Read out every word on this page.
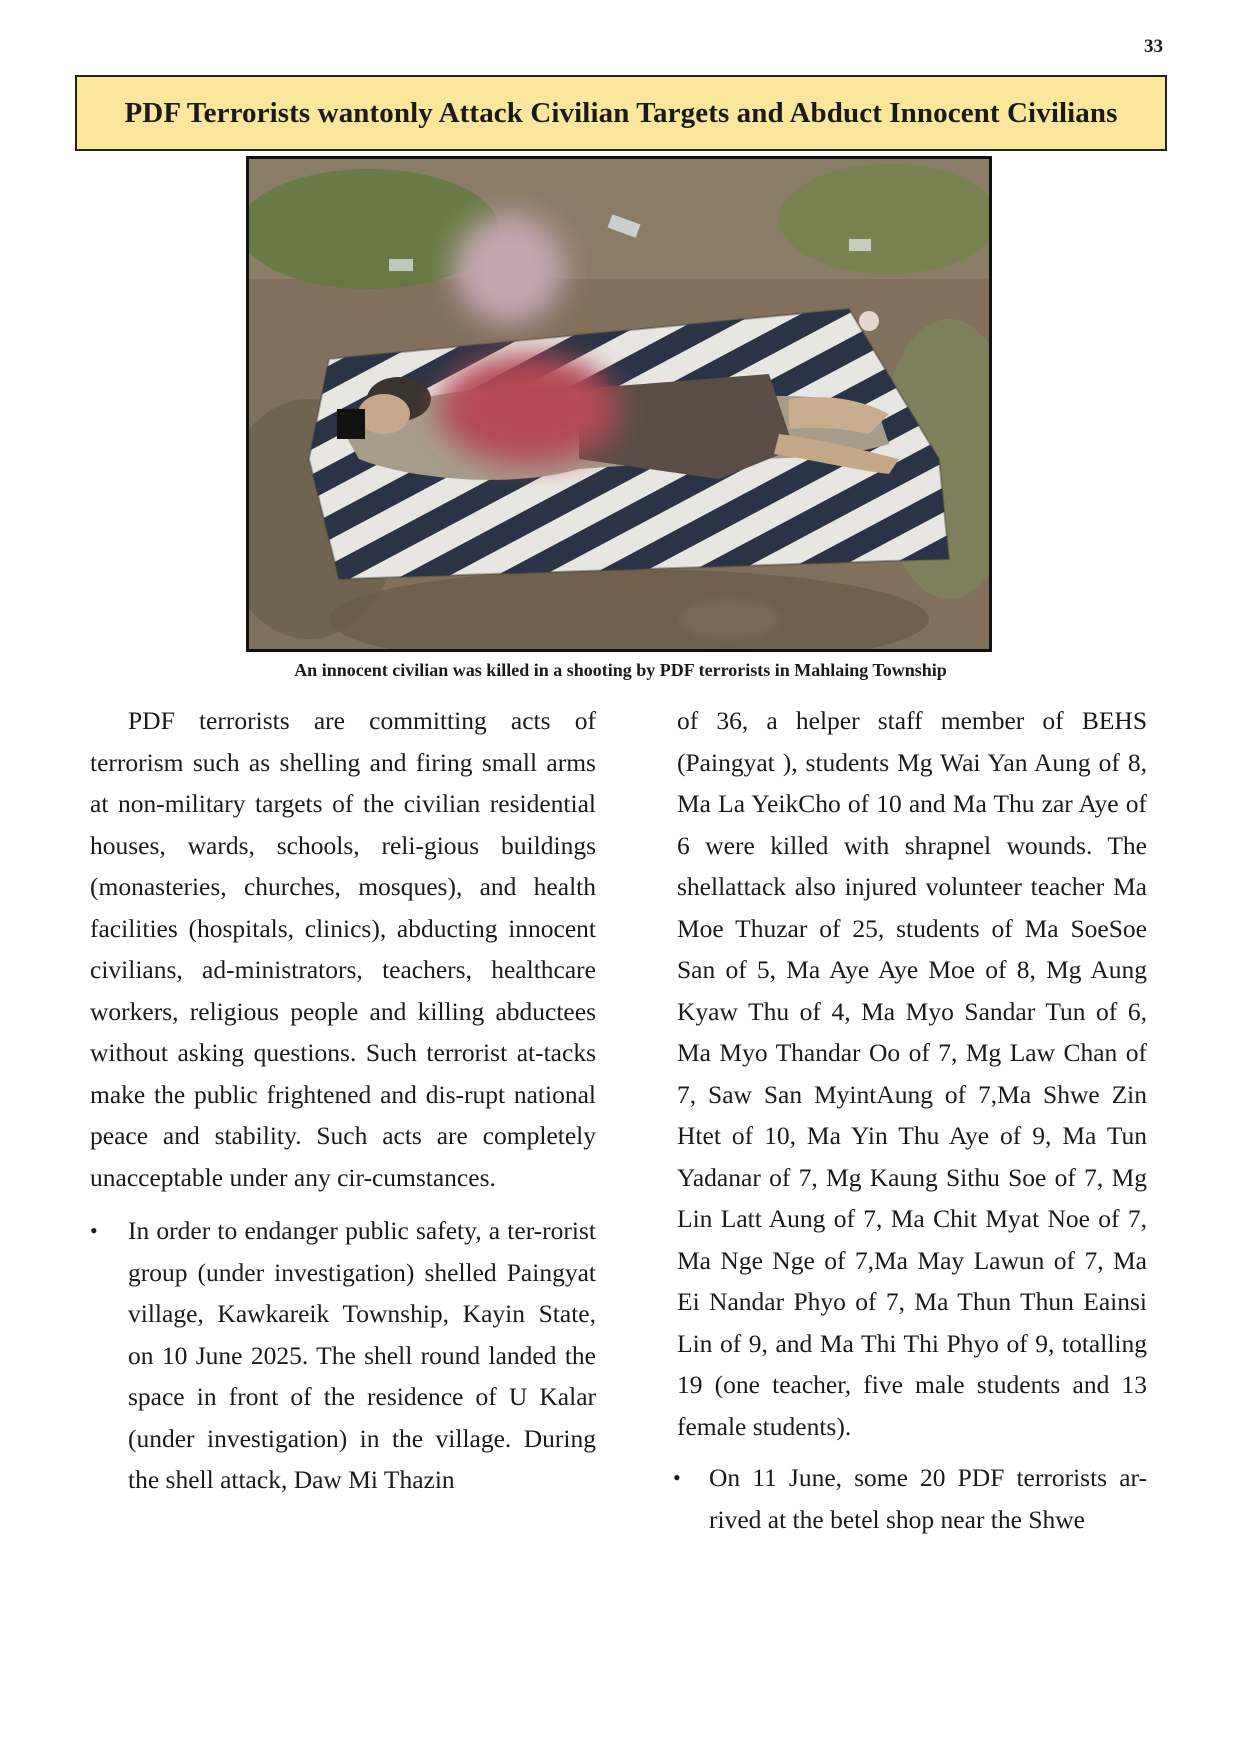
33
PDF Terrorists wantonly Attack Civilian Targets and Abduct Innocent Civilians
An innocent civilian was killed in a shooting by PDF terrorists in Mahlaing Township

PDF terrorists are committing acts of terrorism such as shelling and firing small arms at non-military targets of the civilian residential houses, wards, schools, reli-gious buildings (monasteries, churches, mosques), and health facilities (hospitals, clinics), abducting innocent civilians, ad-ministrators, teachers, healthcare workers, religious people and killing abductees without asking questions. Such terrorist at-tacks make the public frightened and dis-rupt national peace and stability. Such acts are completely unacceptable under any cir-cumstances.

• In order to endanger public safety, a ter-rorist group (under investigation) shelled Paingyat village, Kawkareik Township, Kayin State, on 10 June 2025. The shell round landed the space in front of the residence of U Kalar (under investigation) in the village. During the shell attack, Daw Mi Thazin

of 36, a helper staff member of BEHS (Paingyat ), students Mg Wai Yan Aung of 8, Ma La YeikCho of 10 and Ma Thu zar Aye of 6 were killed with shrapnel wounds. The shellattack also injured volunteer teacher Ma Moe Thuzar of 25, students of Ma SoeSoe San of 5, Ma Aye Aye Moe of 8, Mg Aung Kyaw Thu of 4, Ma Myo Sandar Tun of 6, Ma Myo Thandar Oo of 7, Mg Law Chan of 7, Saw San MyintAung of 7,Ma Shwe Zin Htet of 10, Ma Yin Thu Aye of 9, Ma Tun Yadanar of 7, Mg Kaung Sithu Soe of 7, Mg Lin Latt Aung of 7, Ma Chit Myat Noe of 7, Ma Nge Nge of 7,Ma May Lawun of 7, Ma Ei Nandar Phyo of 7, Ma Thun Thun Eainsi Lin of 9, and Ma Thi Thi Phyo of 9, totalling 19 (one teacher, five male students and 13 female students).

• On 11 June, some 20 PDF terrorists ar-rived at the betel shop near the Shwe
